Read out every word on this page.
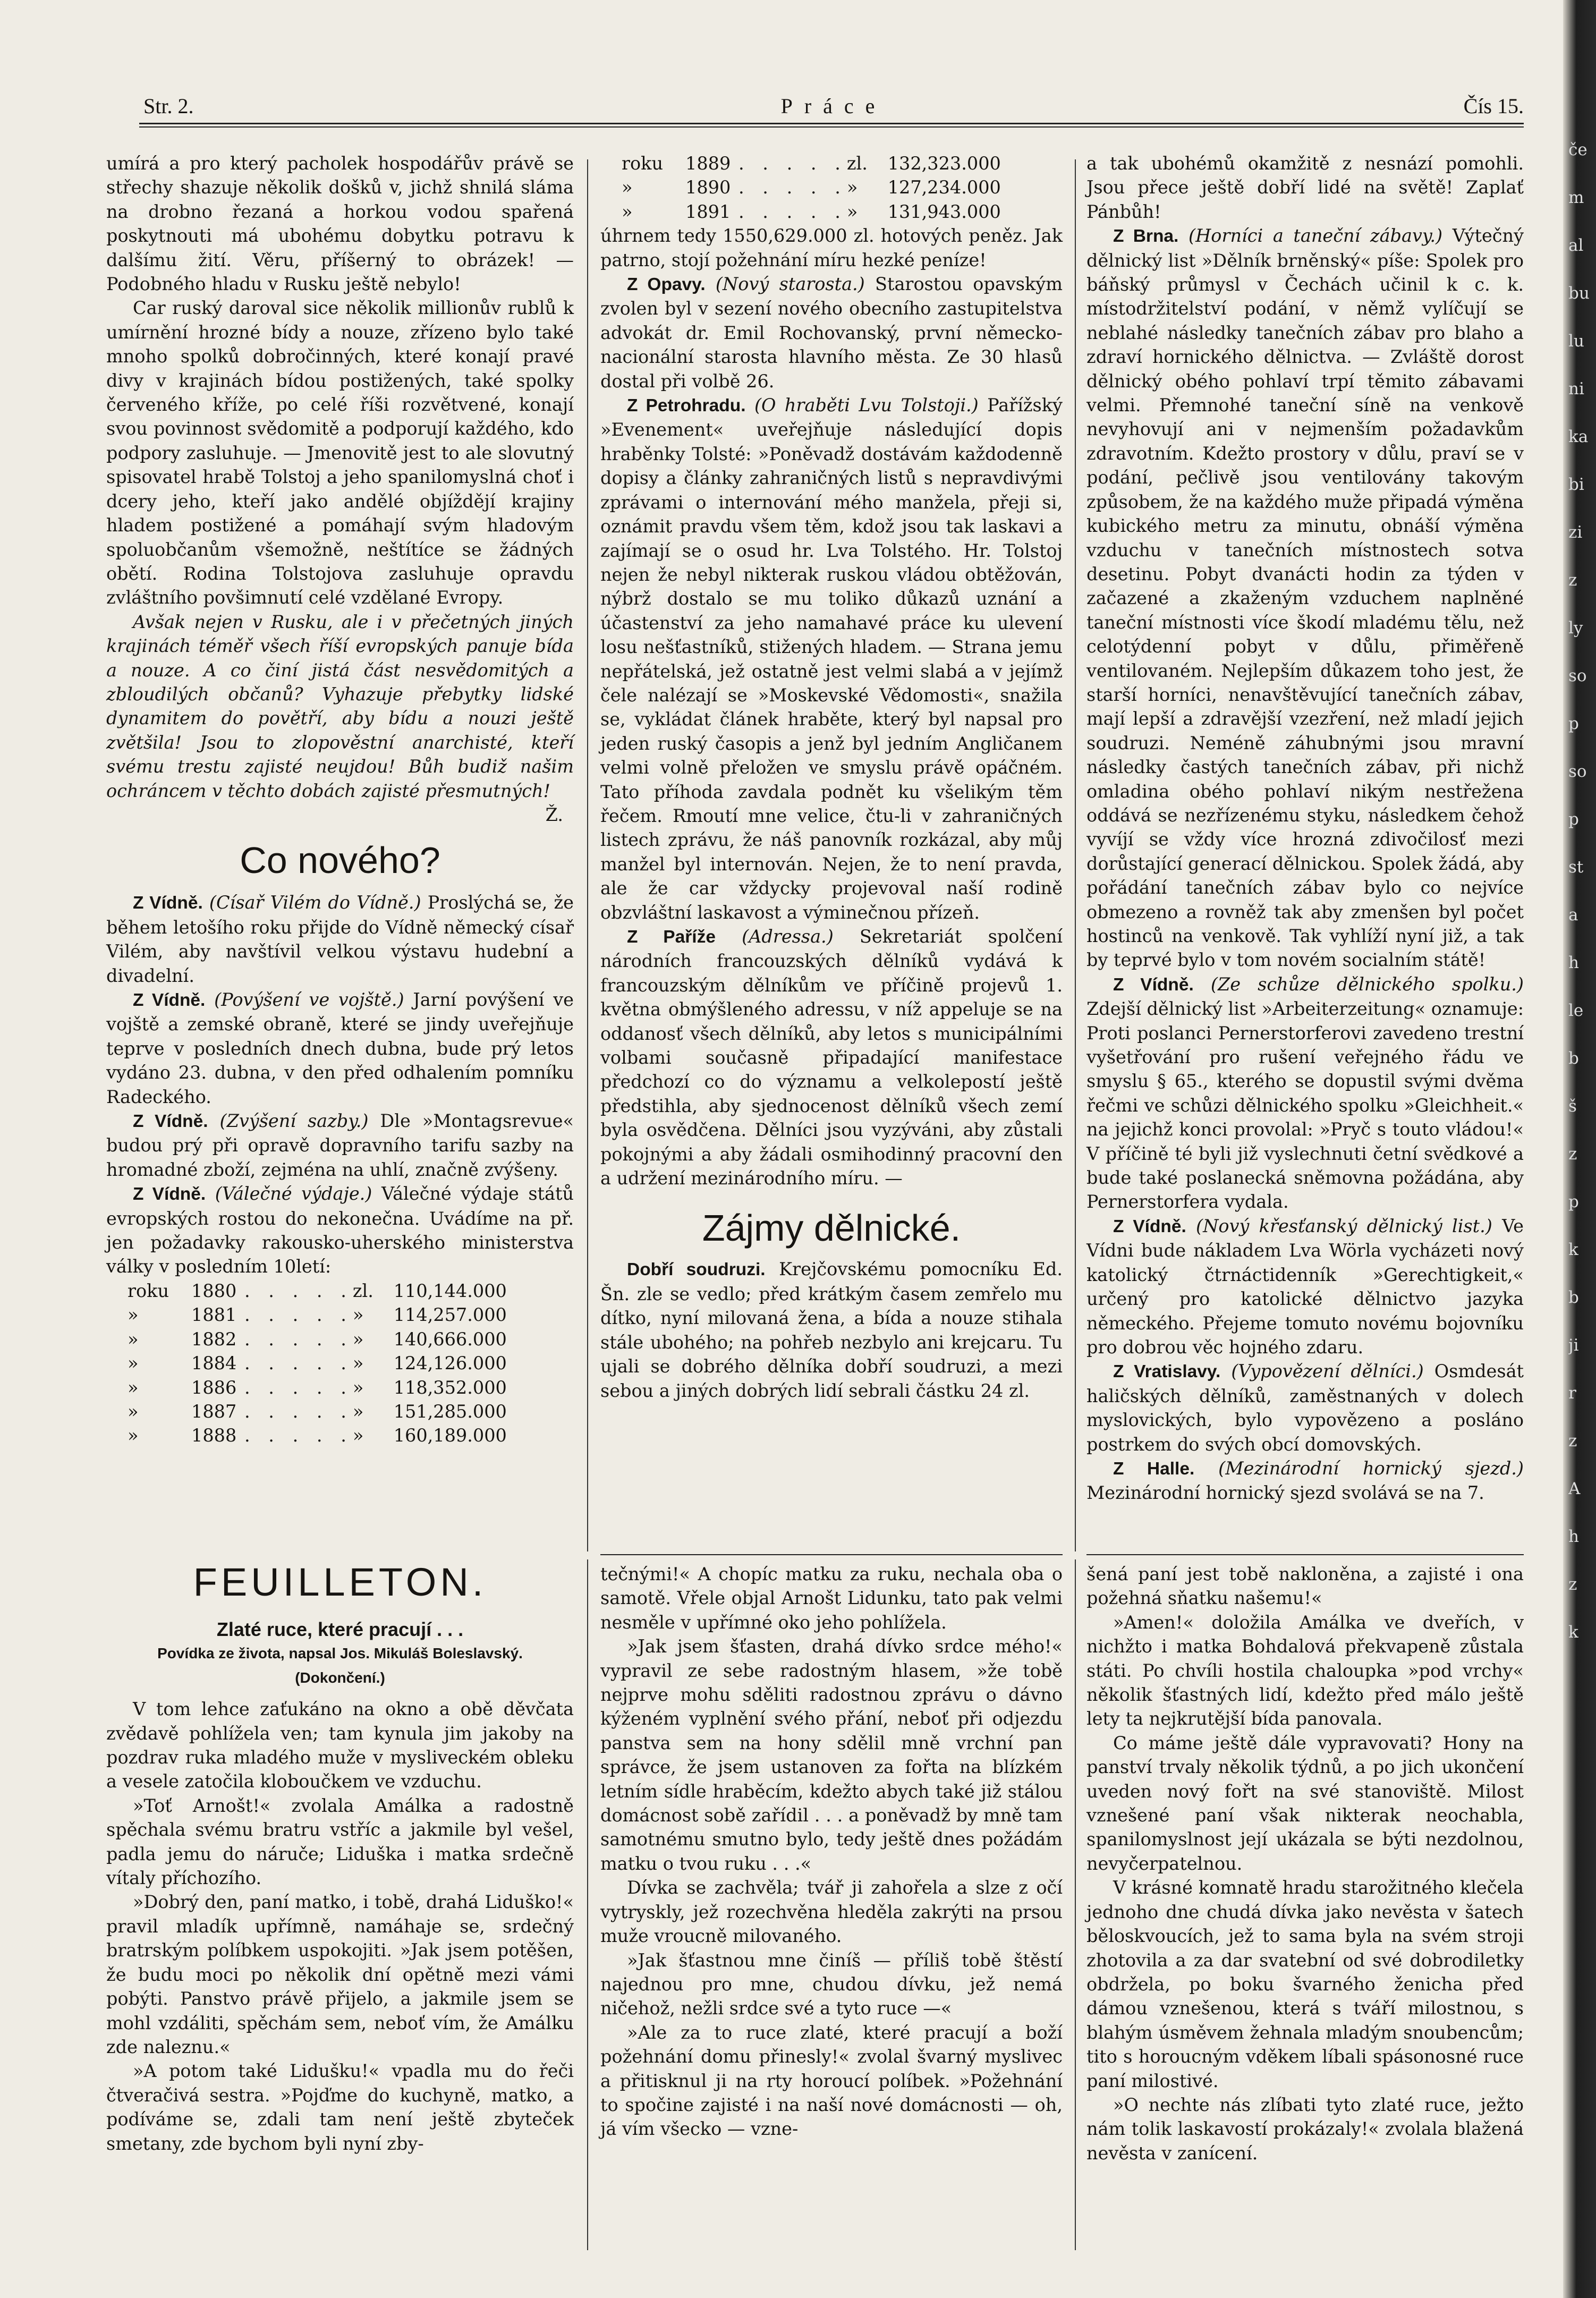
Str. 2.	Práce	Čís 15.

umírá a pro který pacholek hospodářův právě se střechy shazuje několik došků v, jichž shnilá sláma na drobno řezaná a horkou vodou spařená poskytnouti má ubohému dobytku potravu k dalšímu žití. Věru, příšerný to obrázek! — Podobného hladu v Rusku ještě nebylo!

Car ruský daroval sice několik millionův rublů k umírnění hrozné bídy a nouze, zřízeno bylo také mnoho spolků dobročinných, které konají pravé divy v krajinách bídou postižených, také spolky červeného kříže, po celé říši rozvětvené, konají svou povinnost svědomitě a podporují každého, kdo podpory zasluhuje. — Jmenovitě jest to ale slovutný spisovatel hrabě Tolstoj a jeho spanilomyslná choť i dcery jeho, kteří jako andělé objíždějí krajiny hladem postižené a pomáhají svým hladovým spoluobčanům všemožně, neštítíce se žádných obětí. Rodina Tolstojova zasluhuje opravdu zvláštního povšimnutí celé vzdělané Evropy.

Avšak nejen v Rusku, ale i v přečetných jiných krajinách téměř všech říší evropských panuje bída a nouze. A co činí jistá část nesvědomitých a zbloudilých občanů? Vyhazuje přebytky lidské dynamitem do povětří, aby bídu a nouzi ještě zvětšila! Jsou to zlopověstní anarchisté, kteří svému trestu zajisté neujdou! Bůh budiž našim ochráncem v těchto dobách zajisté přesmutných!

Ž.

Co nového?

Z Vídně. (Císař Vilém do Vídně.) Proslýchá se, že během letošího roku přijde do Vídně německý císař Vilém, aby navštívil velkou výstavu hudební a divadelní.

Z Vídně. (Povýšení ve vojště.) Jarní povýšení ve vojště a zemské obraně, které se jindy uveřejňuje teprve v posledních dnech dubna, bude prý letos vydáno 23. dubna, v den před odhalením pomníku Radeckého.

Z Vídně. (Zvýšení sazby.) Dle »Montagsrevue« budou prý při opravě dopravního tarifu sazby na hromadné zboží, zejména na uhlí, značně zvýšeny.

Z Vídně. (Válečné výdaje.) Válečné výdaje států evropských rostou do nekonečna. Uvádíme na př. jen požadavky rakousko-uherského ministerstva války v posledním 10letí:

roku	1880	. . . . .	zl.	110,144.000
»	1881	. . . . .	»	114,257.000
»	1882	. . . . .	»	140,666.000
»	1884	. . . . .	»	124,126.000
»	1886	. . . . .	»	118,352.000
»	1887	. . . . .	»	151,285.000
»	1888	. . . . .	»	160,189.000
roku	1889	. . . . .	zl.	132,323.000
»	1890	. . . . .	»	127,234.000
»	1891	. . . . .	»	131,943.000

úhrnem tedy 1550,629.000 zl. hotových peněz. Jak patrno, stojí požehnání míru hezké peníze!

Z Opavy. (Nový starosta.) Starostou opavským zvolen byl v sezení nového obecního zastupitelstva advokát dr. Emil Rochovanský, první německo-nacionální starosta hlavního města. Ze 30 hlasů dostal při volbě 26.

Z Petrohradu. (O hraběti Lvu Tolstoji.) Pařížský »Evenement« uveřejňuje následující dopis hraběnky Tolsté: »Poněvadž dostávám každodenně dopisy a články zahraničných listů s nepravdivými zprávami o internování mého manžela, přeji si, oznámit pravdu všem těm, kdož jsou tak laskavi a zajímají se o osud hr. Lva Tolstého. Hr. Tolstoj nejen že nebyl nikterak ruskou vládou obtěžován, nýbrž dostalo se mu toliko důkazů uznání a účastenství za jeho namahavé práce ku ulevení losu nešťastníků, stižených hladem. — Strana jemu nepřátelská, jež ostatně jest velmi slabá a v jejímž čele nalézají se »Moskevské Vědomosti«, snažila se, vykládat článek hraběte, který byl napsal pro jeden ruský časopis a jenž byl jedním Angličanem velmi volně přeložen ve smyslu právě opáčném. Tato příhoda zavdala podnět ku všelikým těm řečem. Rmoutí mne velice, čtu-li v zahraničných listech zprávu, že náš panovník rozkázal, aby můj manžel byl internován. Nejen, že to není pravda, ale že car vždycky projevoval naší rodině obzvláštní laskavost a výminečnou přízeň.

Z Paříže (Adressa.) Sekretariát spolčení národních francouzských dělníků vydává k francouzským dělníkům ve příčině projevů 1. května obmýšleného adressu, v níž appeluje se na oddanosť všech dělníků, aby letos s municipálními volbami současně připadající manifestace předchozí co do významu a velkolepostí ještě předstihla, aby sjednocenost dělníků všech zemí byla osvědčena. Dělníci jsou vyzýváni, aby zůstali pokojnými a aby žádali osmihodinný pracovní den a udržení mezinárodního míru. —

Zájmy dělnické.

Dobří soudruzi. Krejčovskému pomocníku Ed. Šn. zle se vedlo; před krátkým časem zemřelo mu dítko, nyní milovaná žena, a bída a nouze stihala stále ubohého; na pohřeb nezbylo ani krejcaru. Tu ujali se dobrého dělníka dobří soudruzi, a mezi sebou a jiných dobrých lidí sebrali částku 24 zl.

a tak ubohémů okamžitě z nesnází pomohli. Jsou přece ještě dobří lidé na světě! Zaplať Pánbůh!

Z Brna. (Horníci a taneční zábavy.) Výtečný dělnický list »Dělník brněnský« píše: Spolek pro báňský průmysl v Čechách učinil k c. k. místodržitelství podání, v němž vylíčují se neblahé následky tanečních zábav pro blaho a zdraví hornického dělnictva. — Zvláště dorost dělnický obého pohlaví trpí těmito zábavami velmi. Přemnohé taneční síně na venkově nevyhovují ani v nejmenším požadavkům zdravotním. Kdežto prostory v důlu, praví se v podání, pečlivě jsou ventilovány takovým způsobem, že na každého muže připadá výměna kubického metru za minutu, obnáší výměna vzduchu v tanečních místnostech sotva desetinu. Pobyt dvanácti hodin za týden v začazené a zkaženým vzduchem naplněné taneční místnosti více škodí mladému tělu, než celotýdenní pobyt v důlu, přiměřeně ventilovaném. Nejlepším důkazem toho jest, že starší horníci, nenavštěvující tanečních zábav, mají lepší a zdravější vzezření, než mladí jejich soudruzi. Neméně záhubnými jsou mravní následky častých tanečních zábav, při nichž omladina obého pohlaví nikým nestřežena oddává se nezřízenému styku, následkem čehož vyvíjí se vždy více hrozná zdivočilosť mezi dorůstající generací dělnickou. Spolek žádá, aby pořádání tanečních zábav bylo co nejvíce obmezeno a rovněž tak aby zmenšen byl počet hostinců na venkově. Tak vyhlíží nyní již, a tak by teprvé bylo v tom novém socialním státě!

Z Vídně. (Ze schůze dělnického spolku.) Zdejší dělnický list »Arbeiterzeitung« oznamuje: Proti poslanci Pernerstorferovi zavedeno trestní vyšetřování pro rušení veřejného řádu ve smyslu § 65., kterého se dopustil svými dvěma řečmi ve schůzi dělnického spolku »Gleichheit.« na jejichž konci provolal: »Pryč s touto vládou!« V příčině té byli již vyslechnuti četní svědkové a bude také poslanecká sněmovna požádána, aby Pernerstorfera vydala.

Z Vídně. (Nový křesťanský dělnický list.) Ve Vídni bude nákladem Lva Wörla vycházeti nový katolický čtrnáctidenník »Gerechtigkeit,« určený pro katolické dělnictvo jazyka německého. Přejeme tomuto novému bojovníku pro dobrou věc hojného zdaru.

Z Vratislavy. (Vypovězení dělníci.) Osmdesát haličských dělníků, zaměstnaných v dolech myslovických, bylo vypovězeno a posláno postrkem do svých obcí domovských.

Z Halle. (Mezinárodní hornický sjezd.) Mezinárodní hornický sjezd svolává se na 7.

FEUILLETON.
Zlaté ruce, které pracují . . .
Povídka ze života, napsal Jos. Mikuláš Boleslavský.
(Dokončení.)

V tom lehce zaťukáno na okno a obě děvčata zvědavě pohlížela ven; tam kynula jim jakoby na pozdrav ruka mladého muže v mysliveckém obleku a vesele zatočila kloboučkem ve vzduchu.

»Toť Arnošt!« zvolala Amálka a radostně spěchala svému bratru vstříc a jakmile byl vešel, padla jemu do náruče; Liduška i matka srdečně vítaly příchozího.

»Dobrý den, paní matko, i tobě, drahá Liduško!« pravil mladík upřímně, namáhaje se, srdečný bratrským políbkem uspokojiti. »Jak jsem potěšen, že budu moci po několik dní opětně mezi vámi pobýti. Panstvo právě přijelo, a jakmile jsem se mohl vzdáliti, spěchám sem, neboť vím, že Amálku zde naleznu.«

»A potom také Lidušku!« vpadla mu do řeči čtveračivá sestra. »Pojďme do kuchyně, matko, a podíváme se, zdali tam není ještě zbyteček smetany, zde bychom byli nyní zby-

tečnými!« A chopíc matku za ruku, nechala oba o samotě. Vřele objal Arnošt Lidunku, tato pak velmi nesměle v upřímné oko jeho pohlížela.

»Jak jsem šťasten, drahá dívko srdce mého!« vypravil ze sebe radostným hlasem, »že tobě nejprve mohu sděliti radostnou zprávu o dávno kýženém vyplnění svého přání, neboť při odjezdu panstva sem na hony sdělil mně vrchní pan správce, že jsem ustanoven za fořta na blízkém letním sídle hraběcím, kdežto abych také již stálou domácnost sobě zařídil . . . a poněvadž by mně tam samotnému smutno bylo, tedy ještě dnes požádám matku o tvou ruku . . .«

Dívka se zachvěla; tvář ji zahořela a slze z očí vytryskly, jež rozechvěna hleděla zakrýti na prsou muže vroucně milovaného.

»Jak šťastnou mne činíš — příliš tobě štěstí najednou pro mne, chudou dívku, jež nemá ničehož, nežli srdce své a tyto ruce —«

»Ale za to ruce zlaté, které pracují a boží požehnání domu přinesly!« zvolal švarný myslivec a přitisknul ji na rty horoucí políbek. »Požehnání to spočine zajisté i na naší nové domácnosti — oh, já vím všecko — vzne-

šená paní jest tobě nakloněna, a zajisté i ona požehná sňatku našemu!«

»Amen!« doložila Amálka ve dveřích, v nichžto i matka Bohdalová překvapeně zůstala státi. Po chvíli hostila chaloupka »pod vrchy« několik šťastných lidí, kdežto před málo ještě lety ta nejkrutější bída panovala.

Co máme ještě dále vypravovati? Hony na panství trvaly několik týdnů, a po jich ukončení uveden nový fořt na své stanoviště. Milost vznešené paní však nikterak neochabla, spanilomyslnost její ukázala se býti nezdolnou, nevyčerpatelnou.

V krásné komnatě hradu starožitného klečela jednoho dne chudá dívka jako nevěsta v šatech běloskvoucích, jež to sama byla na svém stroji zhotovila a za dar svatební od své dobrodiletky obdržela, po boku švarného ženicha před dámou vznešenou, která s tváří milostnou, s blahým úsměvem žehnala mladým snoubencům; tito s horoucným vděkem líbali spásonosné ruce paní milostivé.

»O nechte nás zlíbati tyto zlaté ruce, ježto nám tolik laskavostí prokázaly!« zvolala blažená nevěsta v zanícení.

če
m
al
bu
lu
ni
ka
bi
zi
z
ly
so
p
so
p
st
a
h
le
b
š
z
p
k
b
ji
r
z
A
h
z
k
